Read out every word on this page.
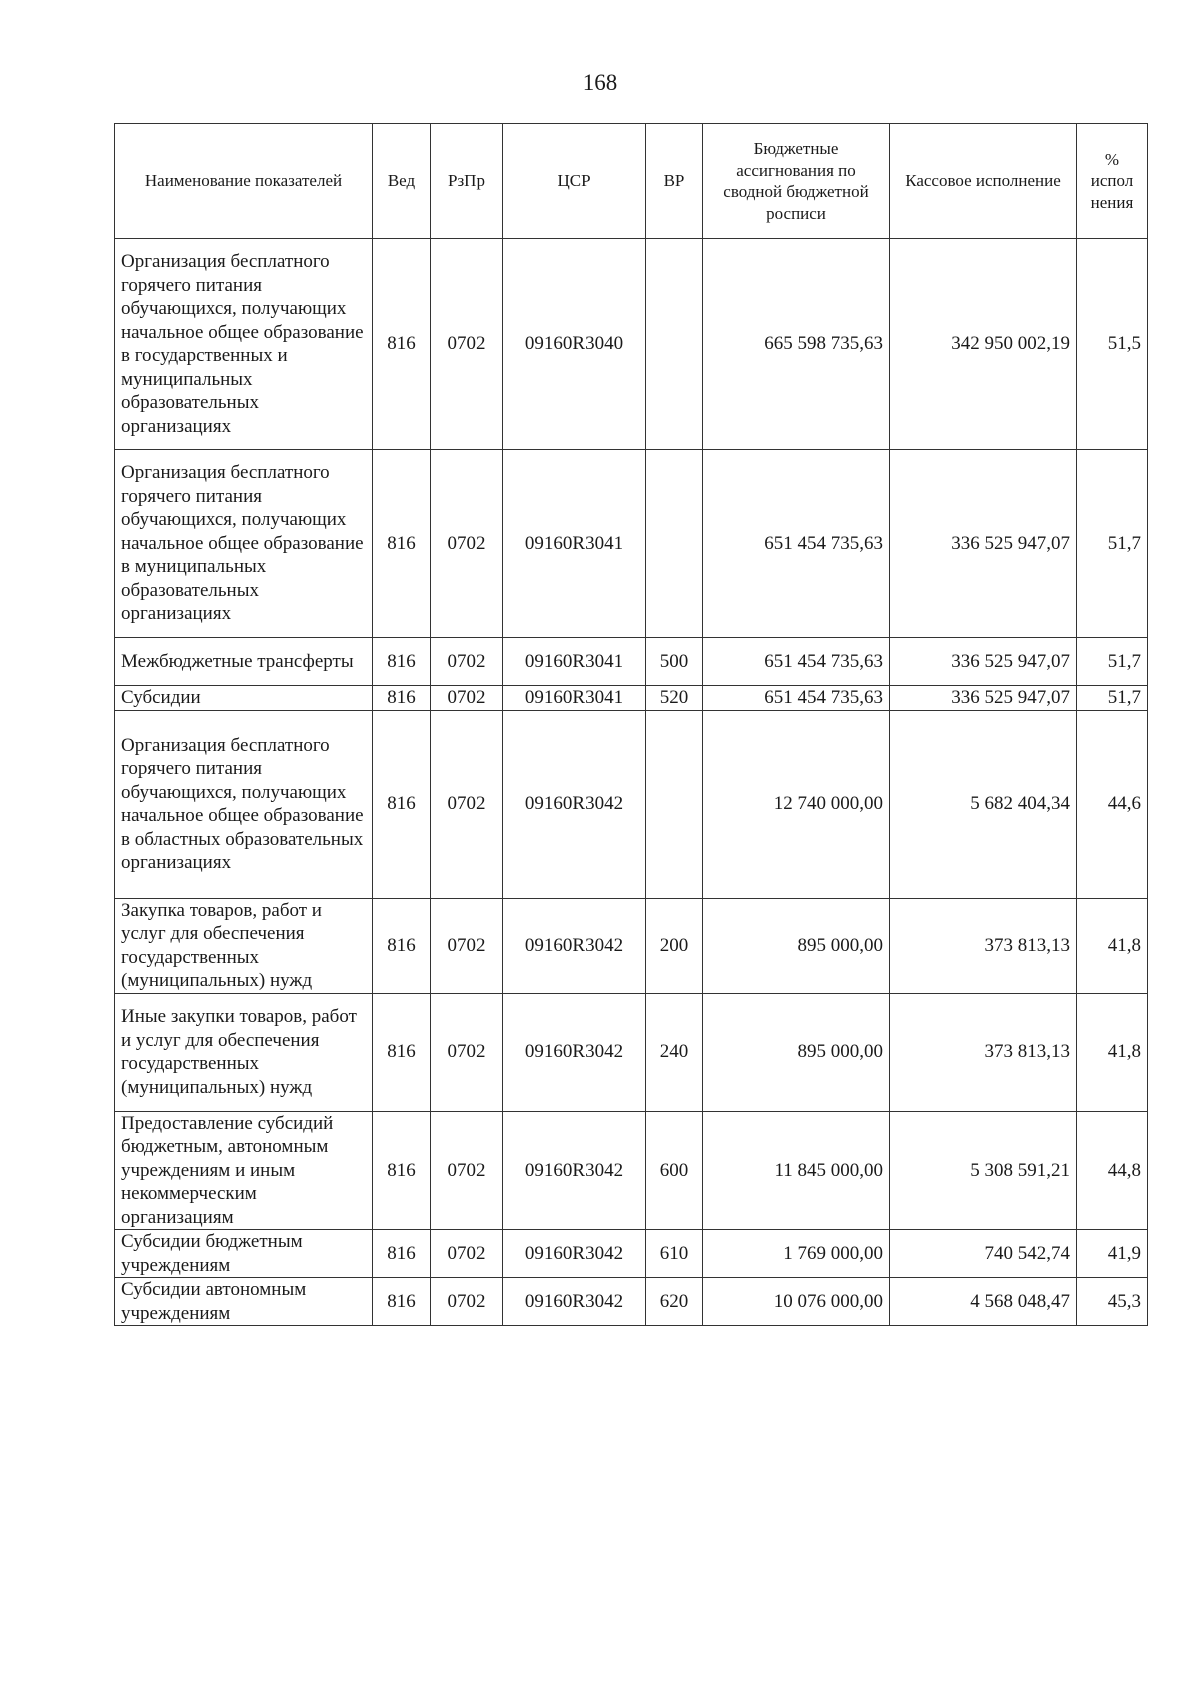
168
Наименование показателей	Вед	РзПр	ЦСР	ВР	Бюджетные ассигнования по сводной бюджетной росписи	Кассовое исполнение	% испол нения
Организация бесплатного горячего питания обучающихся, получающих начальное общее образование в государственных и муниципальных образовательных организациях	816	0702	09160R3040		665 598 735,63	342 950 002,19	51,5
Организация бесплатного горячего питания обучающихся, получающих начальное общее образование в муниципальных образовательных организациях	816	0702	09160R3041		651 454 735,63	336 525 947,07	51,7
Межбюджетные трансферты	816	0702	09160R3041	500	651 454 735,63	336 525 947,07	51,7
Субсидии	816	0702	09160R3041	520	651 454 735,63	336 525 947,07	51,7
Организация бесплатного горячего питания обучающихся, получающих начальное общее образование в областных образовательных организациях	816	0702	09160R3042		12 740 000,00	5 682 404,34	44,6
Закупка товаров, работ и услуг для обеспечения государственных (муниципальных) нужд	816	0702	09160R3042	200	895 000,00	373 813,13	41,8
Иные закупки товаров, работ и услуг для обеспечения государственных (муниципальных) нужд	816	0702	09160R3042	240	895 000,00	373 813,13	41,8
Предоставление субсидий бюджетным, автономным учреждениям и иным некоммерческим организациям	816	0702	09160R3042	600	11 845 000,00	5 308 591,21	44,8
Субсидии бюджетным учреждениям	816	0702	09160R3042	610	1 769 000,00	740 542,74	41,9
Субсидии автономным учреждениям	816	0702	09160R3042	620	10 076 000,00	4 568 048,47	45,3
